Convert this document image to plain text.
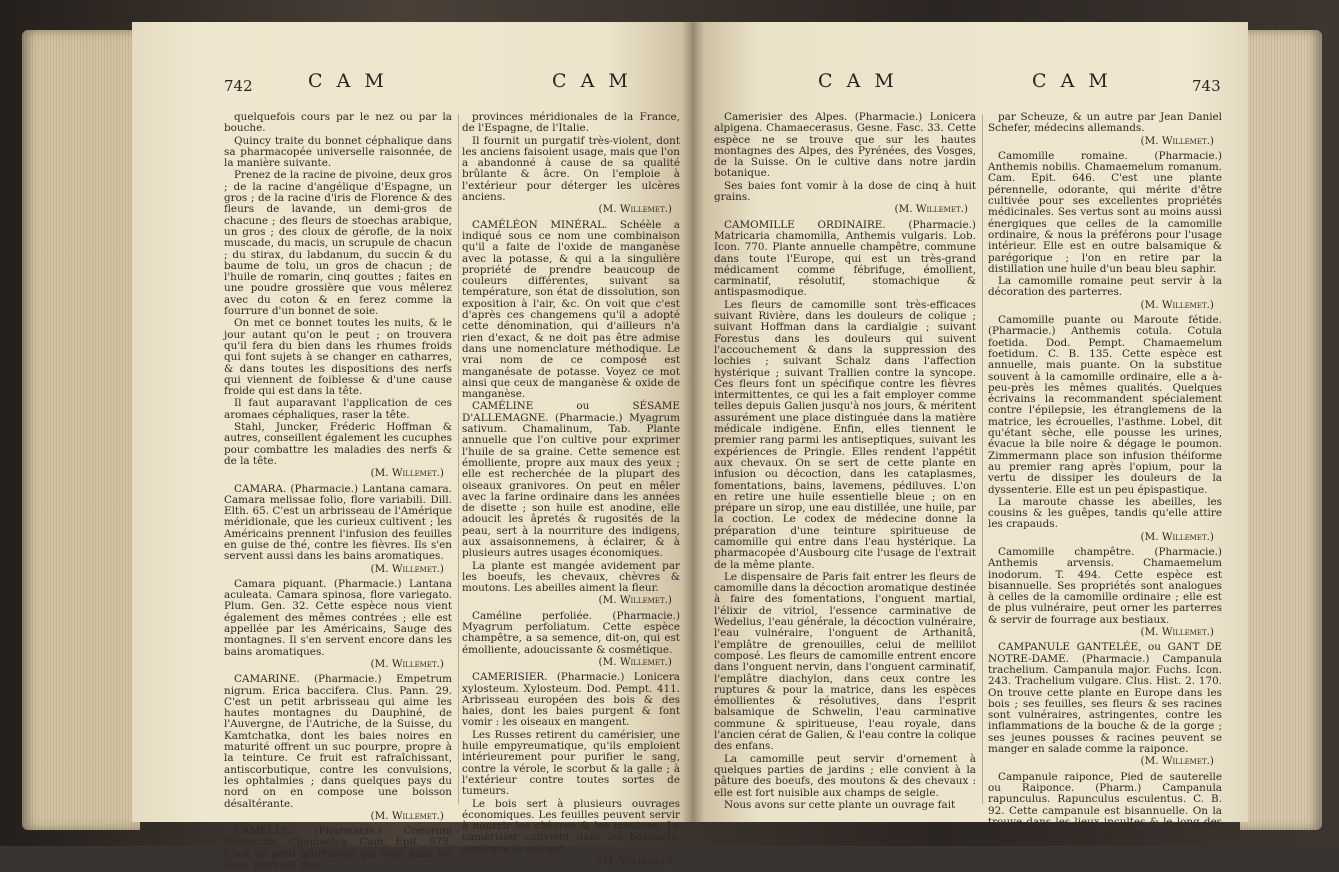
742	C A M	C A M

quelquefois cours par le nez ou par la bouche.

Quincy traite du bonnet céphalique dans sa pharmacopée universelle raisonnée, de la manière suivante.

Prenez de la racine de pivoine, deux gros ; de la racine d'angélique d'Espagne, un gros ; de la racine d'iris de Florence & des fleurs de lavande, un demi-gros de chacune ; des fleurs de stoechas arabique, un gros ; des cloux de gérofle, de la noix muscade, du macis, un scrupule de chacun ; du stirax, du labdanum, du succin & du baume de tolu, un gros de chacun ; de l'huile de romarin, cinq gouttes ; faites en une poudre grossière que vous mêlerez avec du coton & en ferez comme la fourrure d'un bonnet de soie.

On met ce bonnet toutes les nuits, & le jour autant qu'on le peut ; on trouvera qu'il fera du bien dans les rhumes froids qui font sujets à se changer en catharres, & dans toutes les dispositions des nerfs qui viennent de foiblesse & d'une cause froide qui est dans la tête.

Il faut auparavant l'application de ces aromaes céphaliques, raser la tête.

Stahl, Juncker, Fréderic Hoffman & autres, conseillent également les cucuphes pour combattre les maladies des nerfs & de la tête.

(M. Willemet.)

CAMARA. (Pharmacie.) Lantana camara. Camara melissae folio, flore variabili. Dill. Elth. 65. C'est un arbrisseau de l'Amérique méridionale, que les curieux cultivent ; les Américains prennent l'infusion des feuilles en guise de thé, contre les fièvres. Ils s'en servent aussi dans les bains aromatiques.

(M. Willemet.)

Camara piquant. (Pharmacie.) Lantana aculeata. Camara spinosa, flore variegato. Plum. Gen. 32. Cette espèce nous vient également des mêmes contrées ; elle est appellée par les Américains, Sauge des montagnes. Il s'en servent encore dans les bains aromatiques.

(M. Willemet.)

CAMARINE. (Pharmacie.) Empetrum nigrum. Erica baccifera. Clus. Pann. 29. C'est un petit arbrisseau qui aime les hautes montagnes du Dauphiné, de l'Auvergne, de l'Autriche, de la Suisse, du Kamtchatka, dont les baies noires en maturité offrent un suc pourpre, propre à la teinture. Ce fruit est rafraîchissant, antiscorbutique, contre les convulsions, les ophtalmies ; dans quelques pays du nord on en compose une boisson désaltérante.

(M. Willemet.)

CAMELÉE. (Pharmacie.) Cneorum tricoccum. Chamaelea. Cam. Epit. 973. C'est un petit arbrisseau qui croit dans les lieux pierreux des

provinces méridionales de la France, de l'Espagne, de l'Italie.

Il fournit un purgatif très-violent, dont les anciens faisoient usage, mais que l'on a abandonné à cause de sa qualité brûlante & âcre. On l'emploie à l'extérieur pour déterger les ulcères anciens.

(M. Willemet.)

CAMÉLÉON MINÉRAL. Schéèle a indiqué sous ce nom une combinaison qu'il a faite de l'oxide de manganèse avec la potasse, & qui a la singulière propriété de prendre beaucoup de couleurs différentes, suivant sa température, son état de dissolution, son exposition à l'air, &c. On voit que c'est d'après ces changemens qu'il a adopté cette dénomination, qui d'ailleurs n'a rien d'exact, & ne doit pas être admise dans une nomenclature méthodique. Le vrai nom de ce composé est manganésate de potasse. Voyez ce mot ainsi que ceux de manganèse & oxide de manganèse.

CAMÉLINE ou SÉSAME D'ALLEMAGNE. (Pharmacie.) Myagrum sativum. Chamalinum, Tab. Plante annuelle que l'on cultive pour exprimer l'huile de sa graine. Cette semence est émolliente, propre aux maux des yeux ; elle est recherchée de la plupart des oiseaux granivores. On peut en mêler avec la farine ordinaire dans les années de disette ; son huile est anodine, elle adoucit les âpretés & rugosités de la peau, sert à la nourriture des indigens, aux assaisonnemens, à éclairer, & à plusieurs autres usages économiques.

La plante est mangée avidement par les boeufs, les chevaux, chèvres & moutons. Les abeilles aiment la fleur.

(M. Willemet.)

Caméline perfoliée. (Pharmacie.) Myagrum perfoliatum. Cette espèce champêtre, a sa semence, dit-on, qui est émolliente, adoucissante & cosmétique.

(M. Willemet.)

CAMERISIER. (Pharmacie.) Lonicera xylosteum. Xylosteum. Dod. Pempt. 411. Arbrisseau européen des bois & des haies, dont les baies purgent & font vomir : les oiseaux en mangent.

Les Russes retirent du camérisier, une huile empyreumatique, qu'ils emploient intérieurement pour purifier le sang, contre la vérole, le scorbut & la galle ; à l'extérieur contre toutes sortes de tumeurs.

Le bois sert à plusieurs ouvrages économiques. Les feuilles peuvent servir à nourrir les chèvres & les moutons. Le camérisier convient dans les bosquets, ainsi que le suivant.

(M. Willemet.)

C A M	C A M	743

Camerisier des Alpes. (Pharmacie.) Lonicera alpigena. Chamaecerasus. Gesne. Fasc. 33. Cette espèce ne se trouve que sur les hautes montagnes des Alpes, des Pyrénées, des Vosges, de la Suisse. On le cultive dans notre jardin botanique.

Ses baies font vomir à la dose de cinq à huit grains.

(M. Willemet.)

CAMOMILLE ORDINAIRE. (Pharmacie.) Matricaria chamomilla, Anthemis vulgaris. Lob. Icon. 770. Plante annuelle champêtre, commune dans toute l'Europe, qui est un très-grand médicament comme fébrifuge, émollient, carminatif, résolutif, stomachique & antispasmodique.

Les fleurs de camomille sont très-efficaces suivant Rivière, dans les douleurs de colique ; suivant Hoffman dans la cardialgie ; suivant Forestus dans les douleurs qui suivent l'accouchement & dans la suppression des lochies ; suivant Schalz dans l'affection hystérique ; suivant Trallien contre la syncope. Ces fleurs font un spécifique contre les fièvres intermittentes, ce qui les a fait employer comme telles depuis Galien jusqu'à nos jours, & méritent assurément une place distinguée dans la matière médicale indigène. Enfin, elles tiennent le premier rang parmi les antiseptiques, suivant les expériences de Pringle. Elles rendent l'appétit aux chevaux. On se sert de cette plante en infusion ou décoction, dans les cataplasmes, fomentations, bains, lavemens, pédiluves. L'on en retire une huile essentielle bleue ; on en prépare un sirop, une eau distillée, une huile, par la coction. Le codex de médecine donne la préparation d'une teinture spiritueuse de camomille qui entre dans l'eau hystérique. La pharmacopée d'Ausbourg cite l'usage de l'extrait de la même plante.

Le dispensaire de Paris fait entrer les fleurs de camomille dans la décoction aromatique destinée à faire des fomentations, l'onguent martial, l'élixir de vitriol, l'essence carminative de Wedelius, l'eau générale, la décoction vulnéraire, l'eau vulnéraire, l'onguent de Arthanitâ, l'emplâtre de grenouilles, celui de mellilot composé. Les fleurs de camomille entrent encore dans l'onguent nervin, dans l'onguent carminatif, l'emplâtre diachylon, dans ceux contre les ruptures & pour la matrice, dans les espèces émollientes & résolutives, dans l'esprit balsamique de Schwelin, l'eau carminative commune & spiritueuse, l'eau royale, dans l'ancien cérat de Galien, & l'eau contre la colique des enfans.

La camomille peut servir d'ornement à quelques parties de jardins ; elle convient à la pâture des boeufs, des moutons & des chevaux : elle est fort nuisible aux champs de seigle.

Nous avons sur cette plante un ouvrage fait

par Scheuze, & un autre par Jean Daniel Schefer, médecins allemands.

(M. Willemet.)

Camomille romaine. (Pharmacie.) Anthemis nobilis. Chamaemelum romanum. Cam. Epit. 646. C'est une plante pérennelle, odorante, qui mérite d'être cultivée pour ses excellentes propriétés médicinales. Ses vertus sont au moins aussi énergiques que celles de la camomille ordinaire, & nous la préférons pour l'usage intérieur. Elle est en outre balsamique & parégorique ; l'on en retire par la distillation une huile d'un beau bleu saphir.

La camomille romaine peut servir à la décoration des parterres.

(M. Willemet.)

Camomille puante ou Maroute fétide. (Pharmacie.) Anthemis cotula. Cotula foetida. Dod. Pempt. Chamaemelum foetidum. C. B. 135. Cette espèce est annuelle, mais puante. On la substitue souvent à la camomille ordinaire, elle a à-peu-près les mêmes qualités. Quelques écrivains la recommandent spécialement contre l'épilepsie, les étranglemens de la matrice, les écrouelles, l'asthme. Lobel, dit qu'étant sèche, elle pousse les urines, évacue la bile noire & dégage le poumon. Zimmermann place son infusion théiforme au premier rang après l'opium, pour la vertu de dissiper les douleurs de la dyssenterie. Elle est un peu épispastique.

La maroute chasse les abeilles, les cousins & les guêpes, tandis qu'elle attire les crapauds.

(M. Willemet.)

Camomille champêtre. (Pharmacie.) Anthemis arvensis. Chamaemelum inodorum. T. 494. Cette espèce est bisannuelle. Ses propriétés sont analogues à celles de la camomille ordinaire ; elle est de plus vulnéraire, peut orner les parterres & servir de fourrage aux bestiaux.

(M. Willemet.)

CAMPANULE GANTELÉE, ou GANT DE NOTRE-DAME. (Pharmacie.) Campanula trachelium. Campanula major. Fuchs. Icon. 243. Trachelium vulgare. Clus. Hist. 2. 170. On trouve cette plante en Europe dans les bois ; ses feuilles, ses fleurs & ses racines sont vulnéraires, astringentes, contre les inflammations de la bouche & de la gorge ; ses jeunes pousses & racines peuvent se manger en salade comme la raiponce.

(M. Willemet.)

Campanule raiponce, Pied de sauterelle ou Raiponce. (Pharm.) Campanula rapunculus. Rapunculus esculentus. C. B. 92. Cette campanule est bisannuelle. On la trouve dans les lieux incultes & le long des haies, en France, en Au-
